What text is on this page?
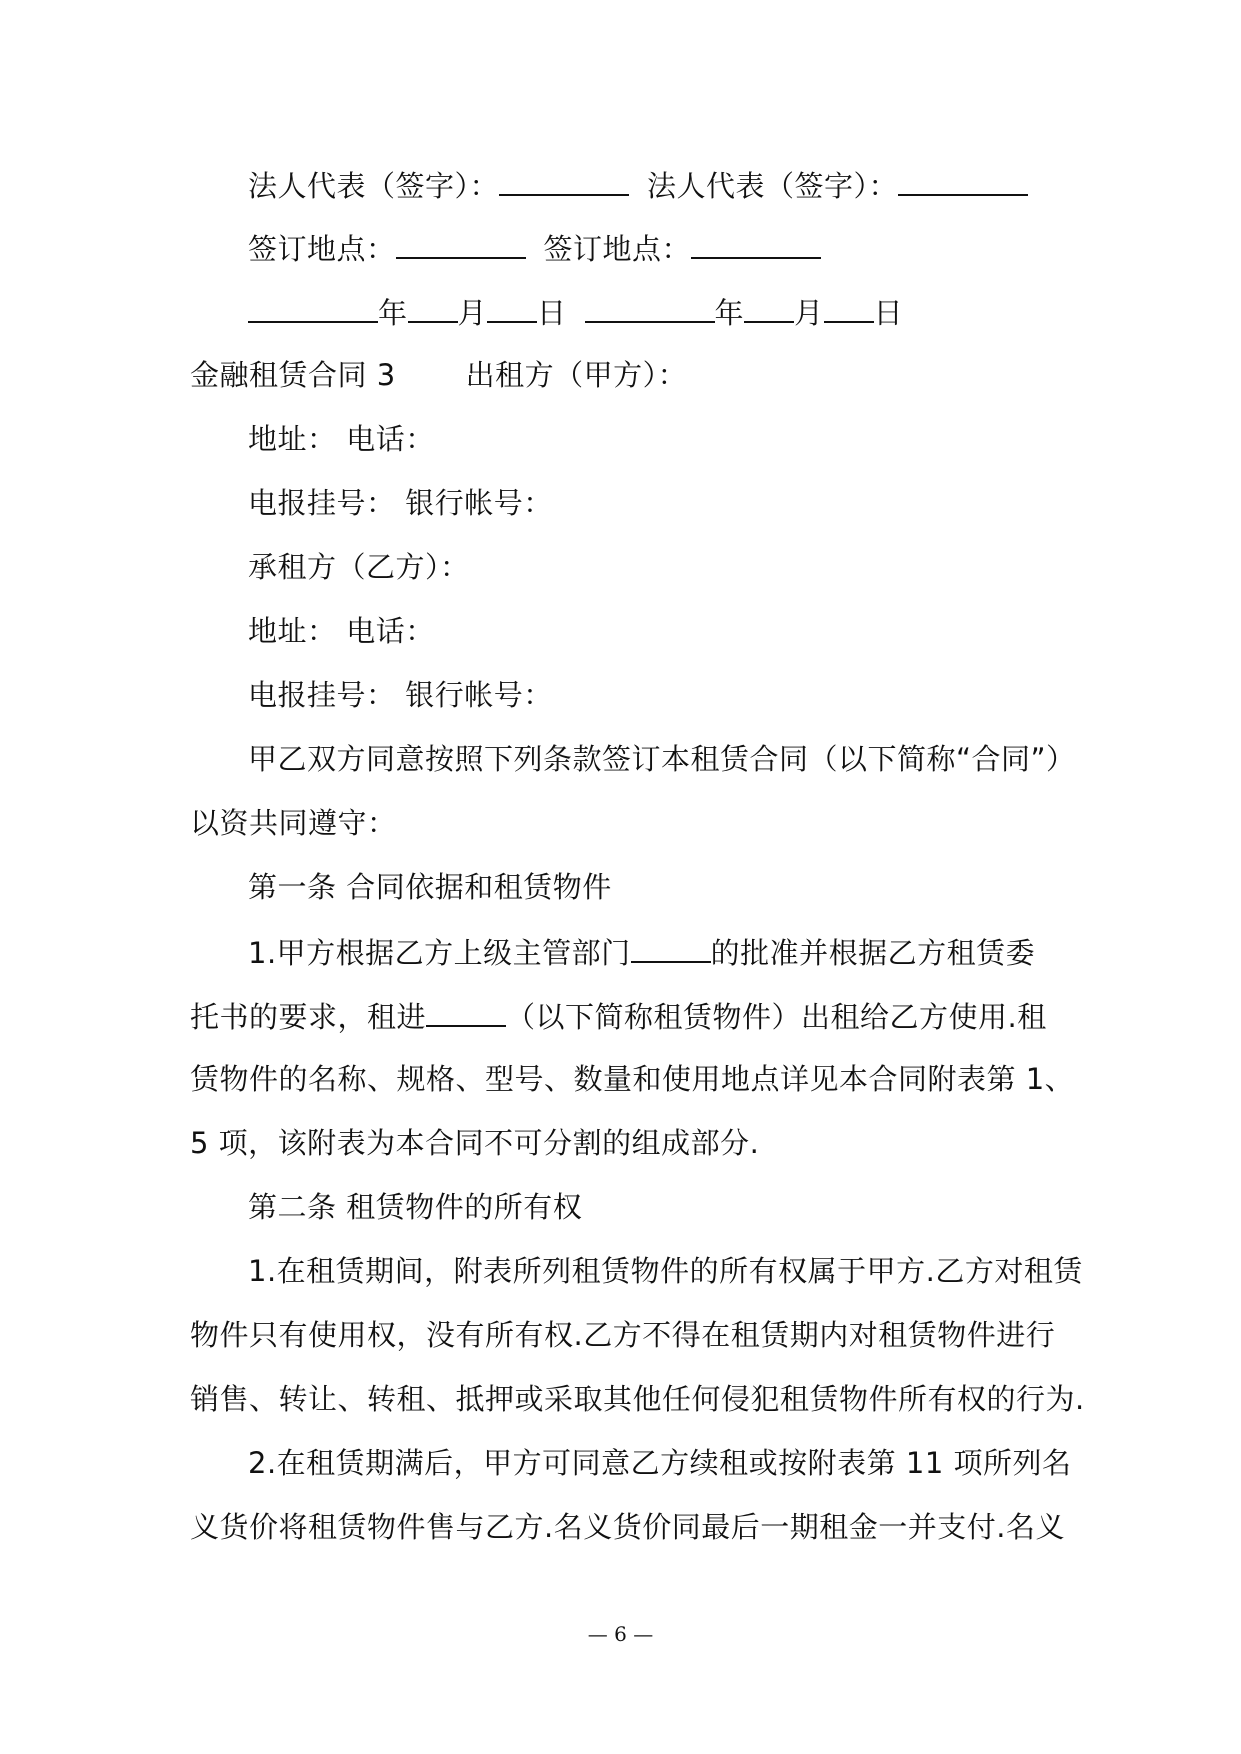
法人代表（签字）：	法人代表（签字）：
签订地点：	签订地点：
年 月 日	年 月 日
金融租赁合同 3 出租方（甲方）：
地址： 电话：
电报挂号： 银行帐号：
承租方（乙方）：
地址： 电话：
电报挂号： 银行帐号：
甲乙双方同意按照下列条款签订本租赁合同（以下简称“合同”）
以资共同遵守：
第一条 合同依据和租赁物件
1.甲方根据乙方上级主管部门	的批准并根据乙方租赁委
托书的要求，租进	（以下简称租赁物件）出租给乙方使用.租
赁物件的名称、规格、型号、数量和使用地点详见本合同附表第 1、
5 项，该附表为本合同不可分割的组成部分.
第二条 租赁物件的所有权
1.在租赁期间，附表所列租赁物件的所有权属于甲方.乙方对租赁
物件只有使用权，没有所有权.乙方不得在租赁期内对租赁物件进行
销售、转让、转租、抵押或采取其他任何侵犯租赁物件所有权的行为.
2.在租赁期满后，甲方可同意乙方续租或按附表第 11 项所列名
义货价将租赁物件售与乙方.名义货价同最后一期租金一并支付.名义
— 6 —
